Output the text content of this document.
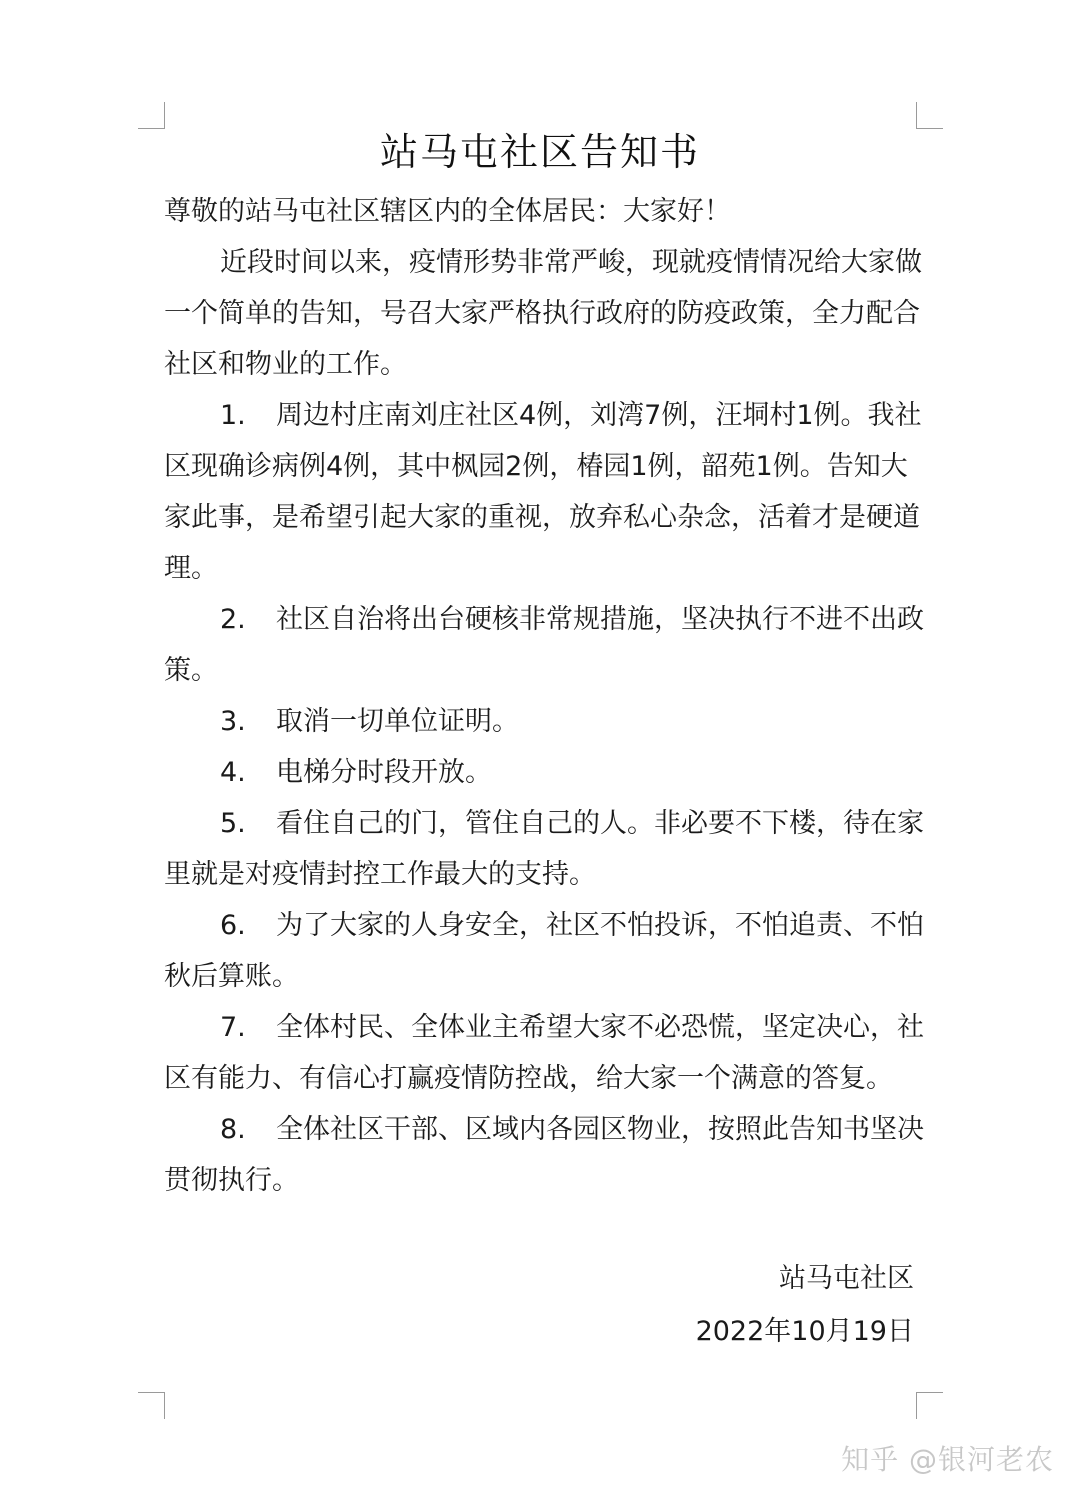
站马屯社区告知书

尊敬的站马屯社区辖区内的全体居民：大家好！

近段时间以来，疫情形势非常严峻，现就疫情情况给大家做一个简单的告知，号召大家严格执行政府的防疫政策，全力配合社区和物业的工作。

1. 周边村庄南刘庄社区4例，刘湾7例，汪垌村1例。我社区现确诊病例4例，其中枫园2例，椿园1例，韶苑1例。告知大家此事，是希望引起大家的重视，放弃私心杂念，活着才是硬道理。

2. 社区自治将出台硬核非常规措施，坚决执行不进不出政策。

3. 取消一切单位证明。

4. 电梯分时段开放。

5. 看住自己的门，管住自己的人。非必要不下楼，待在家里就是对疫情封控工作最大的支持。

6. 为了大家的人身安全，社区不怕投诉，不怕追责、不怕秋后算账。

7. 全体村民、全体业主希望大家不必恐慌，坚定决心，社区有能力、有信心打赢疫情防控战，给大家一个满意的答复。

8. 全体社区干部、区域内各园区物业，按照此告知书坚决贯彻执行。

站马屯社区
2022年10月19日
知乎 @银河老农
